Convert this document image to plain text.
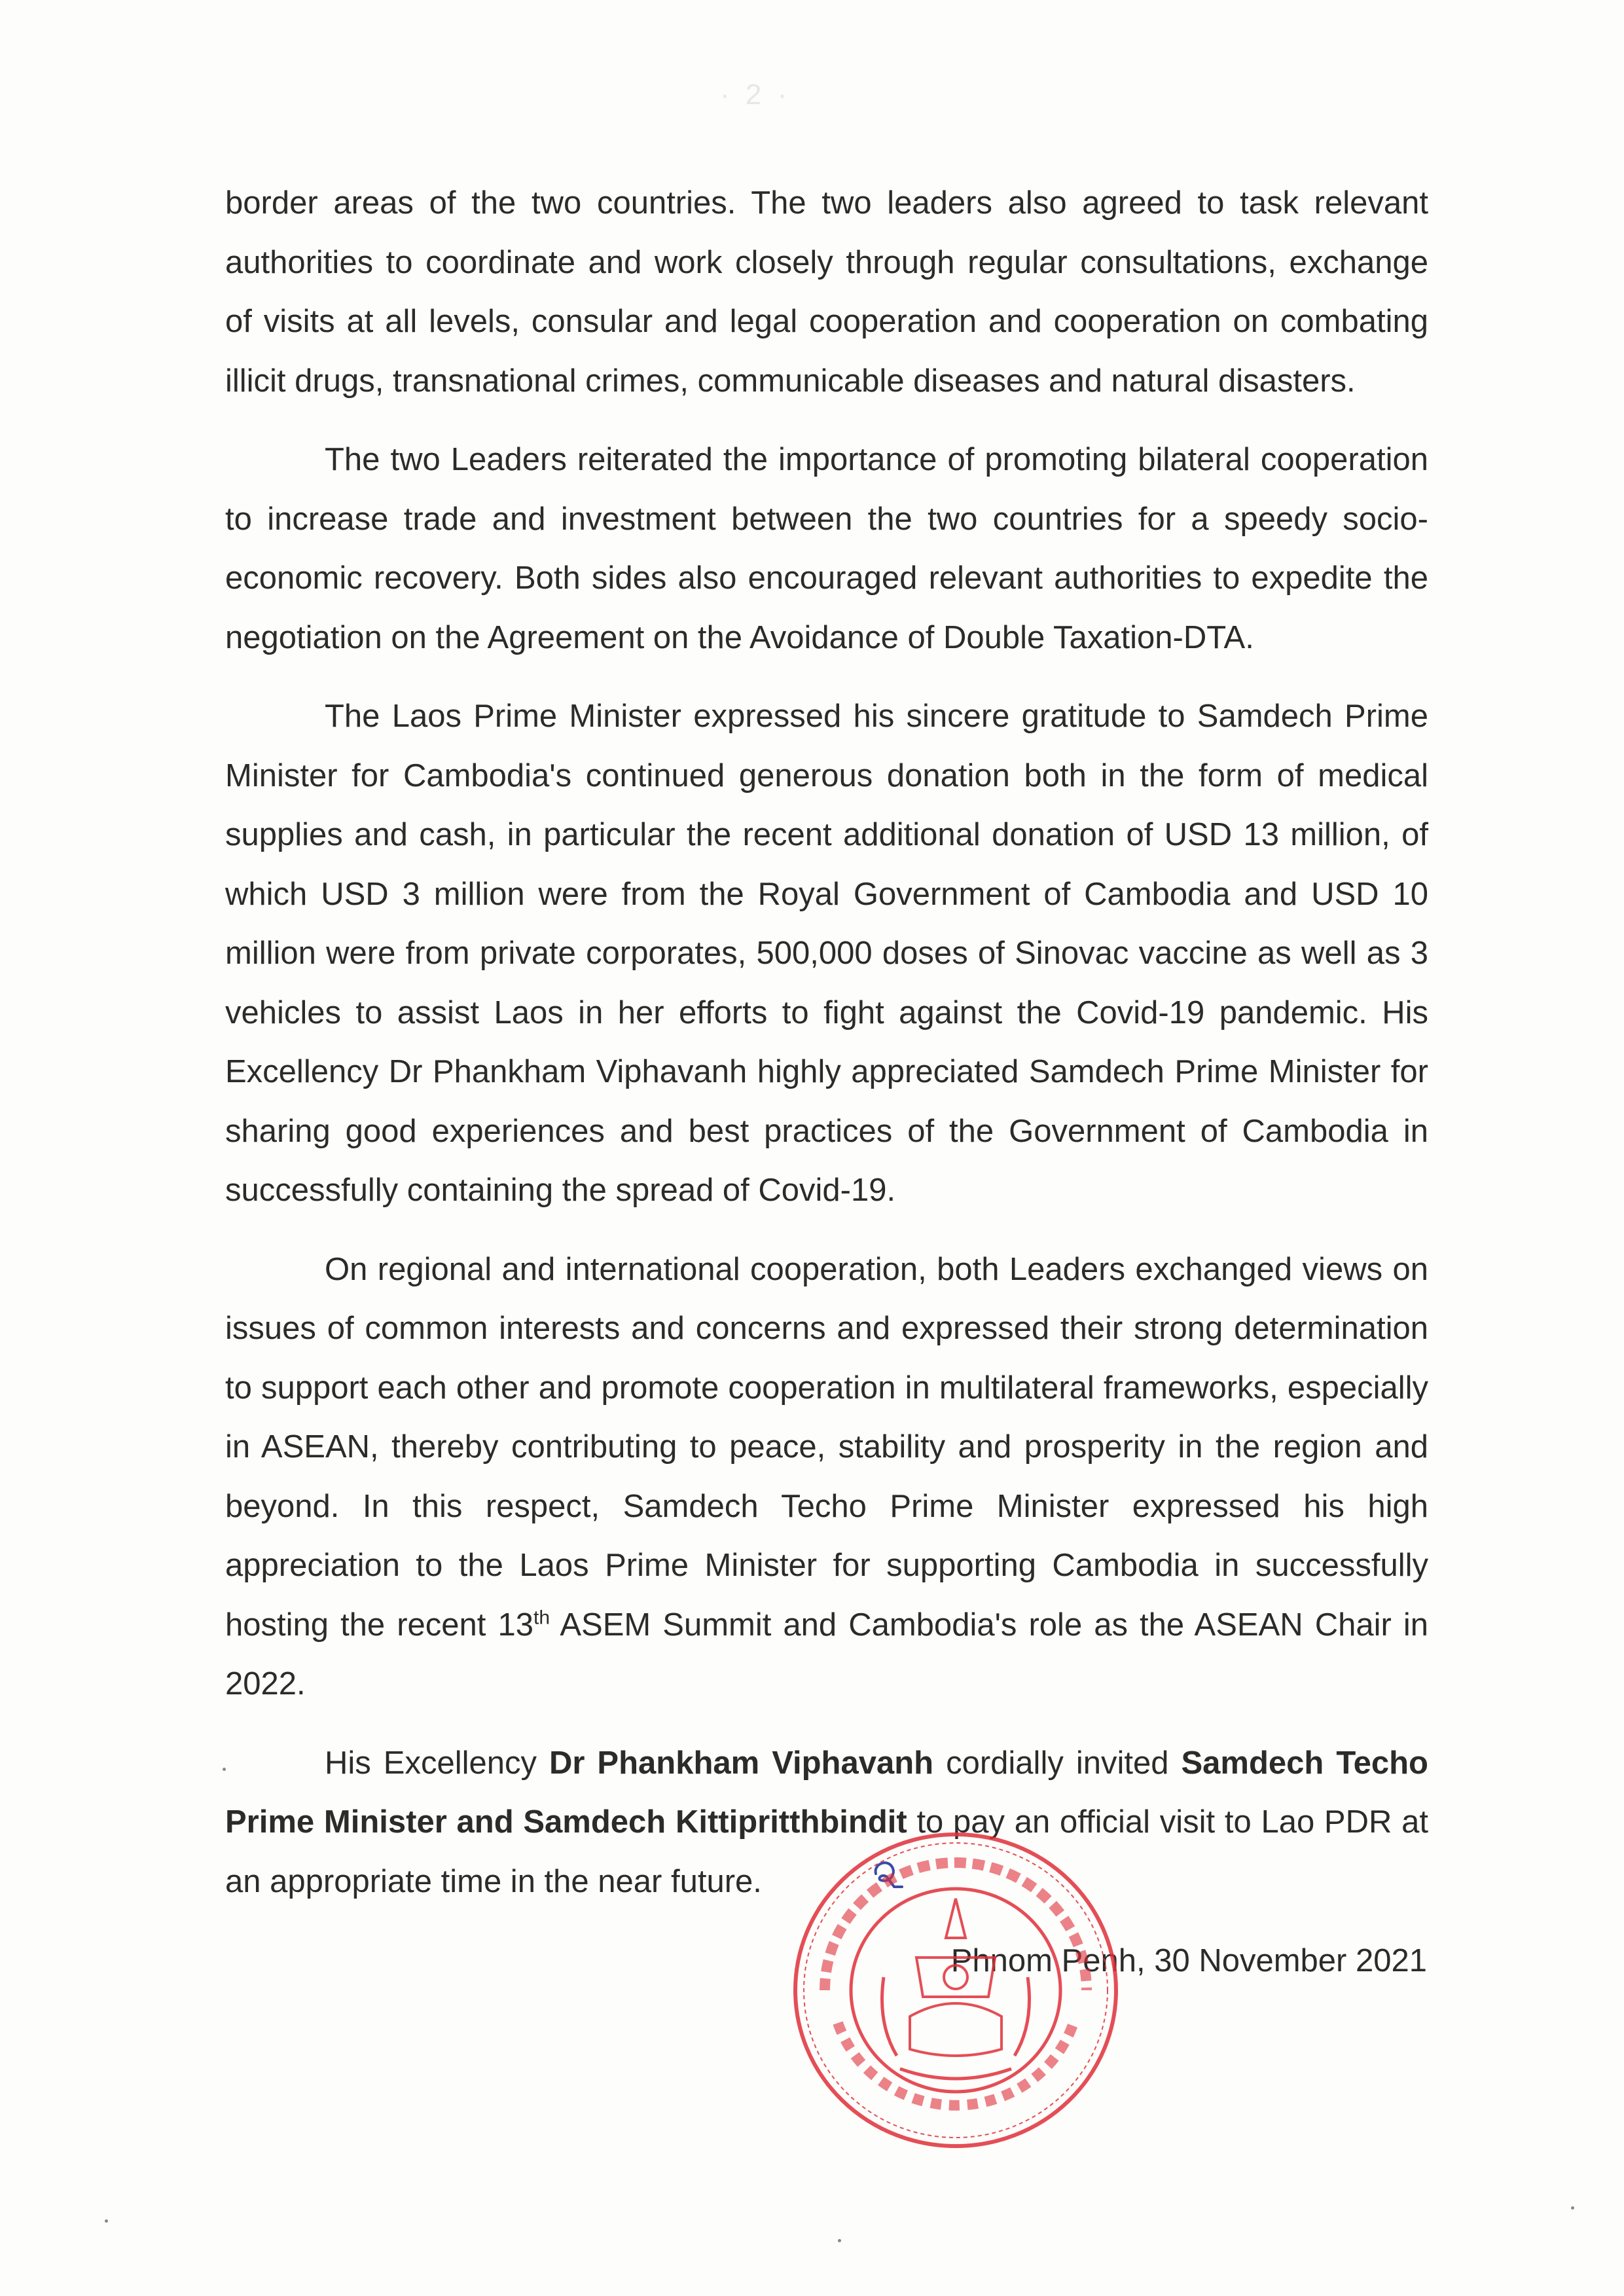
· 2 ·

border areas of the two countries. The two leaders also agreed to task relevant authorities to coordinate and work closely through regular consultations, exchange of visits at all levels, consular and legal cooperation and cooperation on combating illicit drugs, transnational crimes, communicable diseases and natural disasters.

The two Leaders reiterated the importance of promoting bilateral cooperation to increase trade and investment between the two countries for a speedy socio-economic recovery. Both sides also encouraged relevant authorities to expedite the negotiation on the Agreement on the Avoidance of Double Taxation-DTA.

The Laos Prime Minister expressed his sincere gratitude to Samdech Prime Minister for Cambodia's continued generous donation both in the form of medical supplies and cash, in particular the recent additional donation of USD 13 million, of which USD 3 million were from the Royal Government of Cambodia and USD 10 million were from private corporates, 500,000 doses of Sinovac vaccine as well as 3 vehicles to assist Laos in her efforts to fight against the Covid-19 pandemic. His Excellency Dr Phankham Viphavanh highly appreciated Samdech Prime Minister for sharing good experiences and best practices of the Government of Cambodia in successfully containing the spread of Covid-19.

On regional and international cooperation, both Leaders exchanged views on issues of common interests and concerns and expressed their strong determination to support each other and promote cooperation in multilateral frameworks, especially in ASEAN, thereby contributing to peace, stability and prosperity in the region and beyond. In this respect, Samdech Techo Prime Minister expressed his high appreciation to the Laos Prime Minister for supporting Cambodia in successfully hosting the recent 13th ASEM Summit and Cambodia's role as the ASEAN Chair in 2022.

His Excellency Dr Phankham Viphavanh cordially invited Samdech Techo Prime Minister and Samdech Kittipritthbindit to pay an official visit to Lao PDR at an appropriate time in the near future.

Phnom Penh, 30 November 2021
